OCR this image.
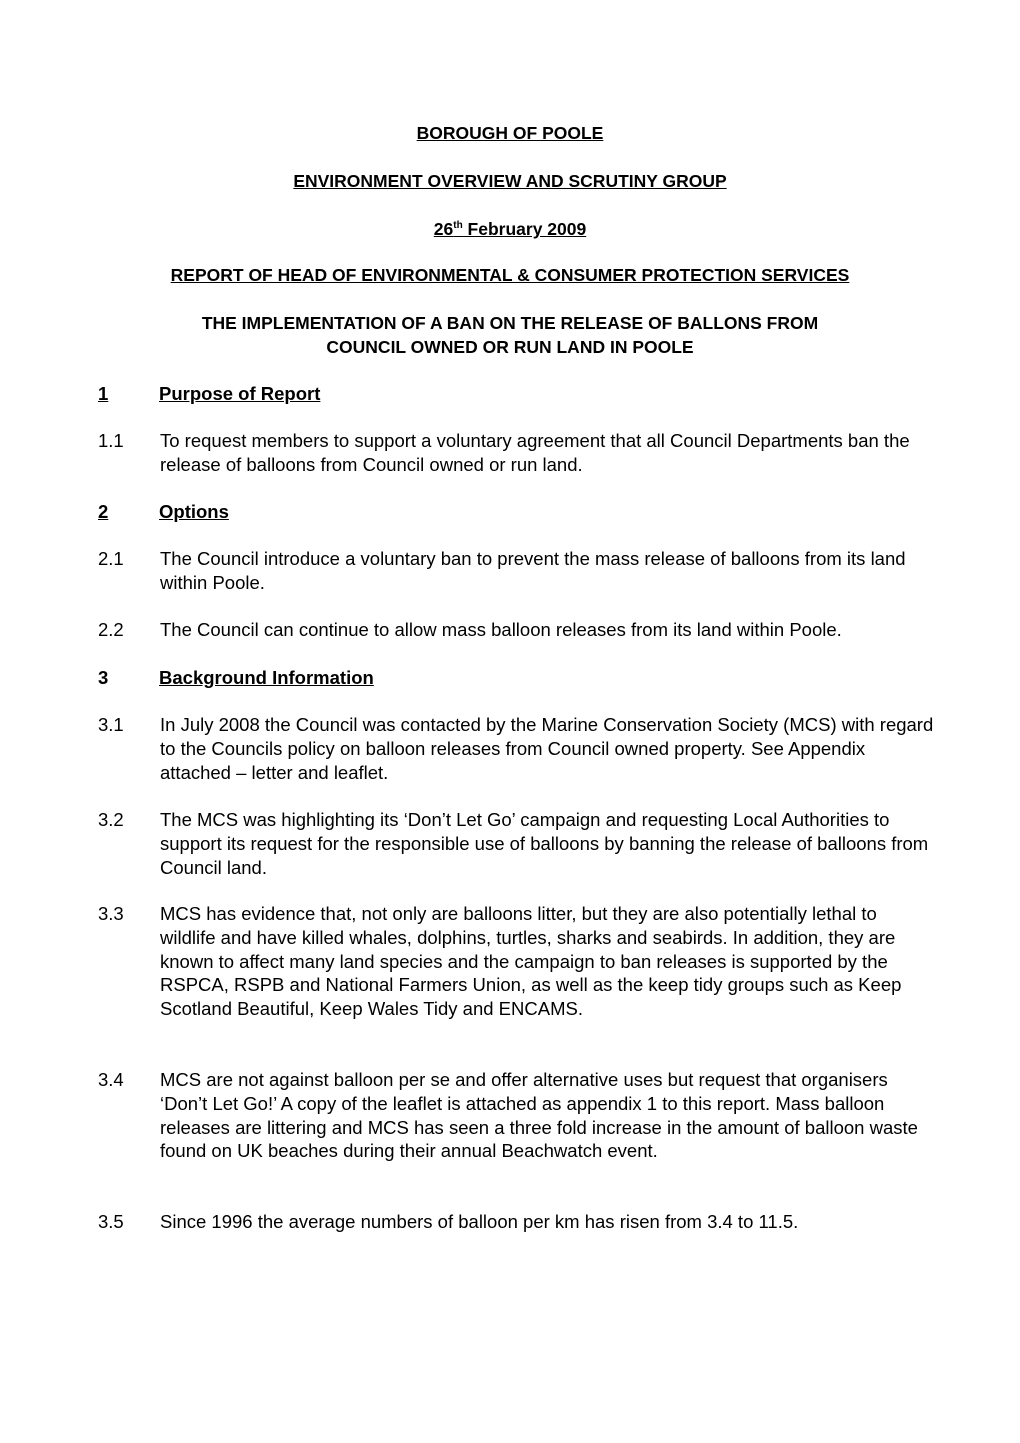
BOROUGH OF POOLE
ENVIRONMENT OVERVIEW AND SCRUTINY GROUP
26th February 2009
REPORT OF HEAD OF ENVIRONMENTAL & CONSUMER PROTECTION SERVICES
THE IMPLEMENTATION OF A BAN ON THE RELEASE OF BALLONS FROM
COUNCIL OWNED OR RUN LAND IN POOLE
1	Purpose of Report
1.1 To request members to support a voluntary agreement that all Council Departments ban the release of balloons from Council owned or run land.
2	Options
2.1 The Council introduce a voluntary ban to prevent the mass release of balloons from its land within Poole.
2.2 The Council can continue to allow mass balloon releases from its land within Poole.
3	Background Information
3.1 In July 2008 the Council was contacted by the Marine Conservation Society (MCS) with regard to the Councils policy on balloon releases from Council owned property. See Appendix attached – letter and leaflet.
3.2 The MCS was highlighting its ‘Don’t Let Go’ campaign and requesting Local Authorities to support its request for the responsible use of balloons by banning the release of balloons from Council land.
3.3 MCS has evidence that, not only are balloons litter, but they are also potentially lethal to wildlife and have killed whales, dolphins, turtles, sharks and seabirds. In addition, they are known to affect many land species and the campaign to ban releases is supported by the RSPCA, RSPB and National Farmers Union, as well as the keep tidy groups such as Keep Scotland Beautiful, Keep Wales Tidy and ENCAMS.
3.4 MCS are not against balloon per se and offer alternative uses but request that organisers ‘Don’t Let Go!’ A copy of the leaflet is attached as appendix 1 to this report. Mass balloon releases are littering and MCS has seen a three fold increase in the amount of balloon waste found on UK beaches during their annual Beachwatch event.
3.5 Since 1996 the average numbers of balloon per km has risen from 3.4 to 11.5.
